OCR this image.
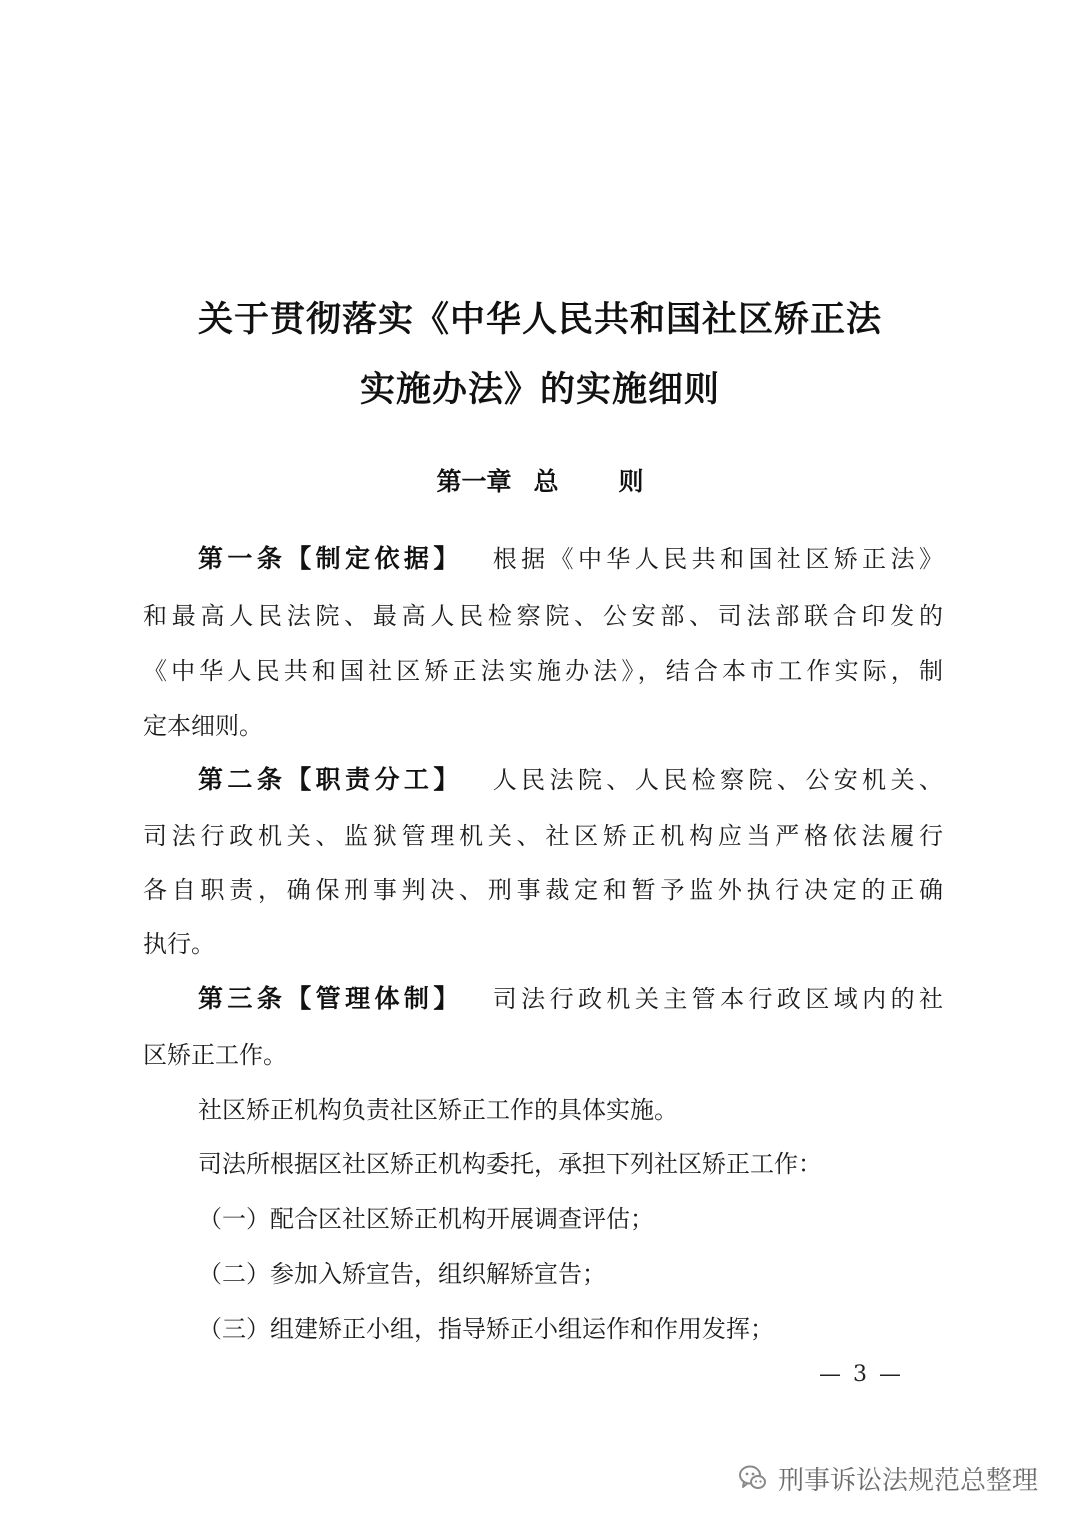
关于贯彻落实《中华人民共和国社区矫正法
实施办法》的实施细则
第一章 总 则
第一条【制定依据】 根据《中华人民共和国社区矫正法》
和最高人民法院、最高人民检察院、公安部、司法部联合印发的
《中华人民共和国社区矫正法实施办法》，结合本市工作实际，制
定本细则。
第二条【职责分工】 人民法院、人民检察院、公安机关、
司法行政机关、监狱管理机关、社区矫正机构应当严格依法履行
各自职责，确保刑事判决、刑事裁定和暂予监外执行决定的正确
执行。
第三条【管理体制】 司法行政机关主管本行政区域内的社
区矫正工作。
社区矫正机构负责社区矫正工作的具体实施。
司法所根据区社区矫正机构委托，承担下列社区矫正工作：
（一）配合区社区矫正机构开展调查评估；
（二）参加入矫宣告，组织解矫宣告；
（三）组建矫正小组，指导矫正小组运作和作用发挥；
— 3 —
刑事诉讼法规范总整理
